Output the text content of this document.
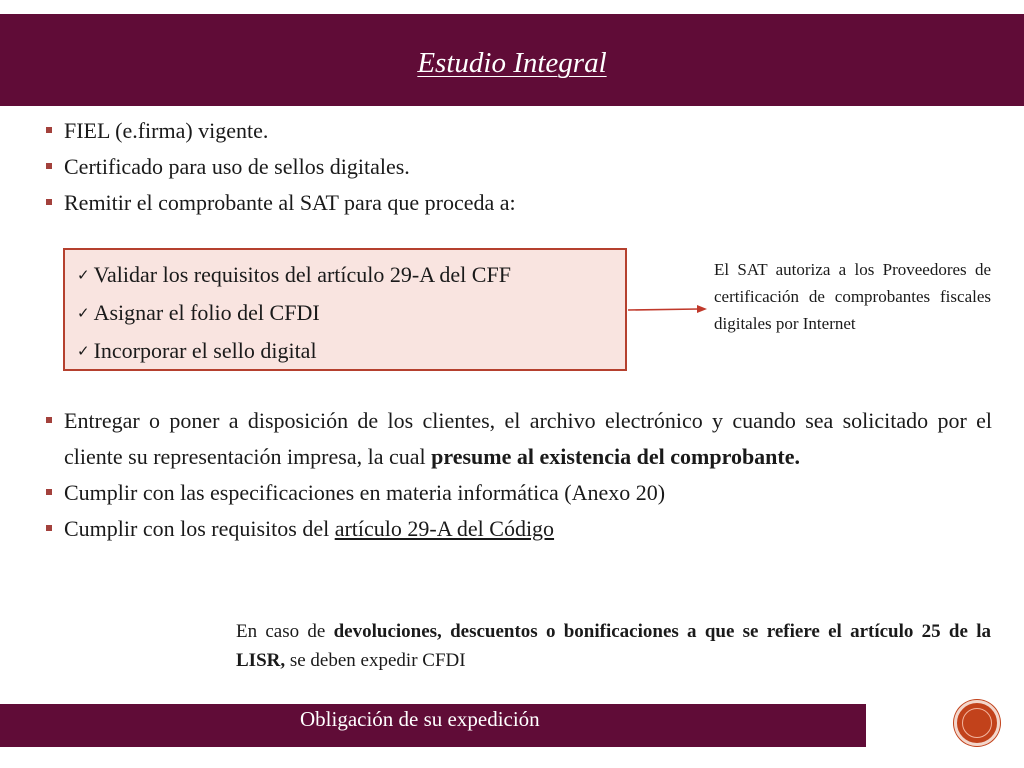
Estudio Integral
FIEL (e.firma) vigente.
Certificado para uso de sellos digitales.
Remitir el comprobante al SAT para que proceda a:
✓ Validar los requisitos del artículo 29-A del CFF
✓ Asignar el folio del CFDI
✓ Incorporar el sello digital
El SAT autoriza a los Proveedores de certificación de comprobantes fiscales digitales por Internet
Entregar o poner a disposición de los clientes, el archivo electrónico y cuando sea solicitado por el cliente su representación impresa, la cual presume al existencia del comprobante.
Cumplir con las especificaciones en materia informática (Anexo 20)
Cumplir con los requisitos del artículo 29-A del Código
En caso de devoluciones, descuentos o bonificaciones a que se refiere el artículo 25 de la LISR, se deben expedir CFDI
Obligación de su expedición
